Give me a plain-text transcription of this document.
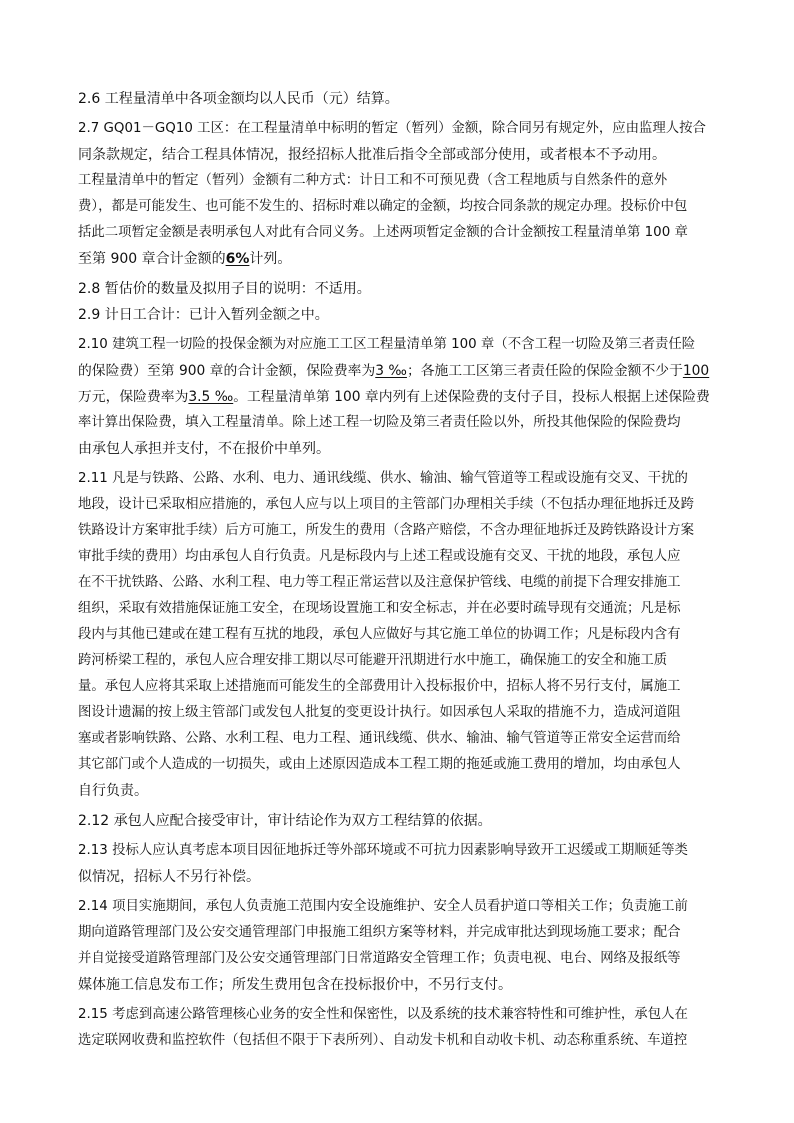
2.6 工程量清单中各项金额均以人民币（元）结算。
2.7 GQ01－GQ10 工区：在工程量清单中标明的暂定（暂列）金额，除合同另有规定外，应由监理人按合
同条款规定，结合工程具体情况，报经招标人批准后指令全部或部分使用，或者根本不予动用。
工程量清单中的暂定（暂列）金额有二种方式：计日工和不可预见费（含工程地质与自然条件的意外
费），都是可能发生、也可能不发生的、招标时难以确定的金额，均按合同条款的规定办理。投标价中包
括此二项暂定金额是表明承包人对此有合同义务。上述两项暂定金额的合计金额按工程量清单第 100 章
至第 900 章合计金额的6%计列。
2.8 暂估价的数量及拟用子目的说明：不适用。
2.9 计日工合计：已计入暂列金额之中。
2.10 建筑工程一切险的投保金额为对应施工工区工程量清单第 100 章（不含工程一切险及第三者责任险
的保险费）至第 900 章的合计金额，保险费率为3 ‰；各施工工区第三者责任险的保险金额不少于100
万元，保险费率为3.5 ‰。工程量清单第 100 章内列有上述保险费的支付子目，投标人根据上述保险费
率计算出保险费，填入工程量清单。除上述工程一切险及第三者责任险以外，所投其他保险的保险费均
由承包人承担并支付，不在报价中单列。
2.11 凡是与铁路、公路、水利、电力、通讯线缆、供水、输油、输气管道等工程或设施有交叉、干扰的
地段，设计已采取相应措施的，承包人应与以上项目的主管部门办理相关手续（不包括办理征地拆迁及跨
铁路设计方案审批手续）后方可施工，所发生的费用（含路产赔偿，不含办理征地拆迁及跨铁路设计方案
审批手续的费用）均由承包人自行负责。凡是标段内与上述工程或设施有交叉、干扰的地段，承包人应
在不干扰铁路、公路、水利工程、电力等工程正常运营以及注意保护管线、电缆的前提下合理安排施工
组织，采取有效措施保证施工安全，在现场设置施工和安全标志，并在必要时疏导现有交通流；凡是标
段内与其他已建或在建工程有互扰的地段，承包人应做好与其它施工单位的协调工作；凡是标段内含有
跨河桥梁工程的，承包人应合理安排工期以尽可能避开汛期进行水中施工，确保施工的安全和施工质
量。承包人应将其采取上述措施而可能发生的全部费用计入投标报价中，招标人将不另行支付，属施工
图设计遗漏的按上级主管部门或发包人批复的变更设计执行。如因承包人采取的措施不力，造成河道阻
塞或者影响铁路、公路、水利工程、电力工程、通讯线缆、供水、输油、输气管道等正常安全运营而给
其它部门或个人造成的一切损失，或由上述原因造成本工程工期的拖延或施工费用的增加，均由承包人
自行负责。
2.12 承包人应配合接受审计，审计结论作为双方工程结算的依据。
2.13 投标人应认真考虑本项目因征地拆迁等外部环境或不可抗力因素影响导致开工迟缓或工期顺延等类
似情况，招标人不另行补偿。
2.14 项目实施期间，承包人负责施工范围内安全设施维护、安全人员看护道口等相关工作；负责施工前
期向道路管理部门及公安交通管理部门申报施工组织方案等材料，并完成审批达到现场施工要求；配合
并自觉接受道路管理部门及公安交通管理部门日常道路安全管理工作；负责电视、电台、网络及报纸等
媒体施工信息发布工作；所发生费用包含在投标报价中，不另行支付。
2.15 考虑到高速公路管理核心业务的安全性和保密性，以及系统的技术兼容特性和可维护性，承包人在
选定联网收费和监控软件（包括但不限于下表所列）、自动发卡机和自动收卡机、动态称重系统、车道控
